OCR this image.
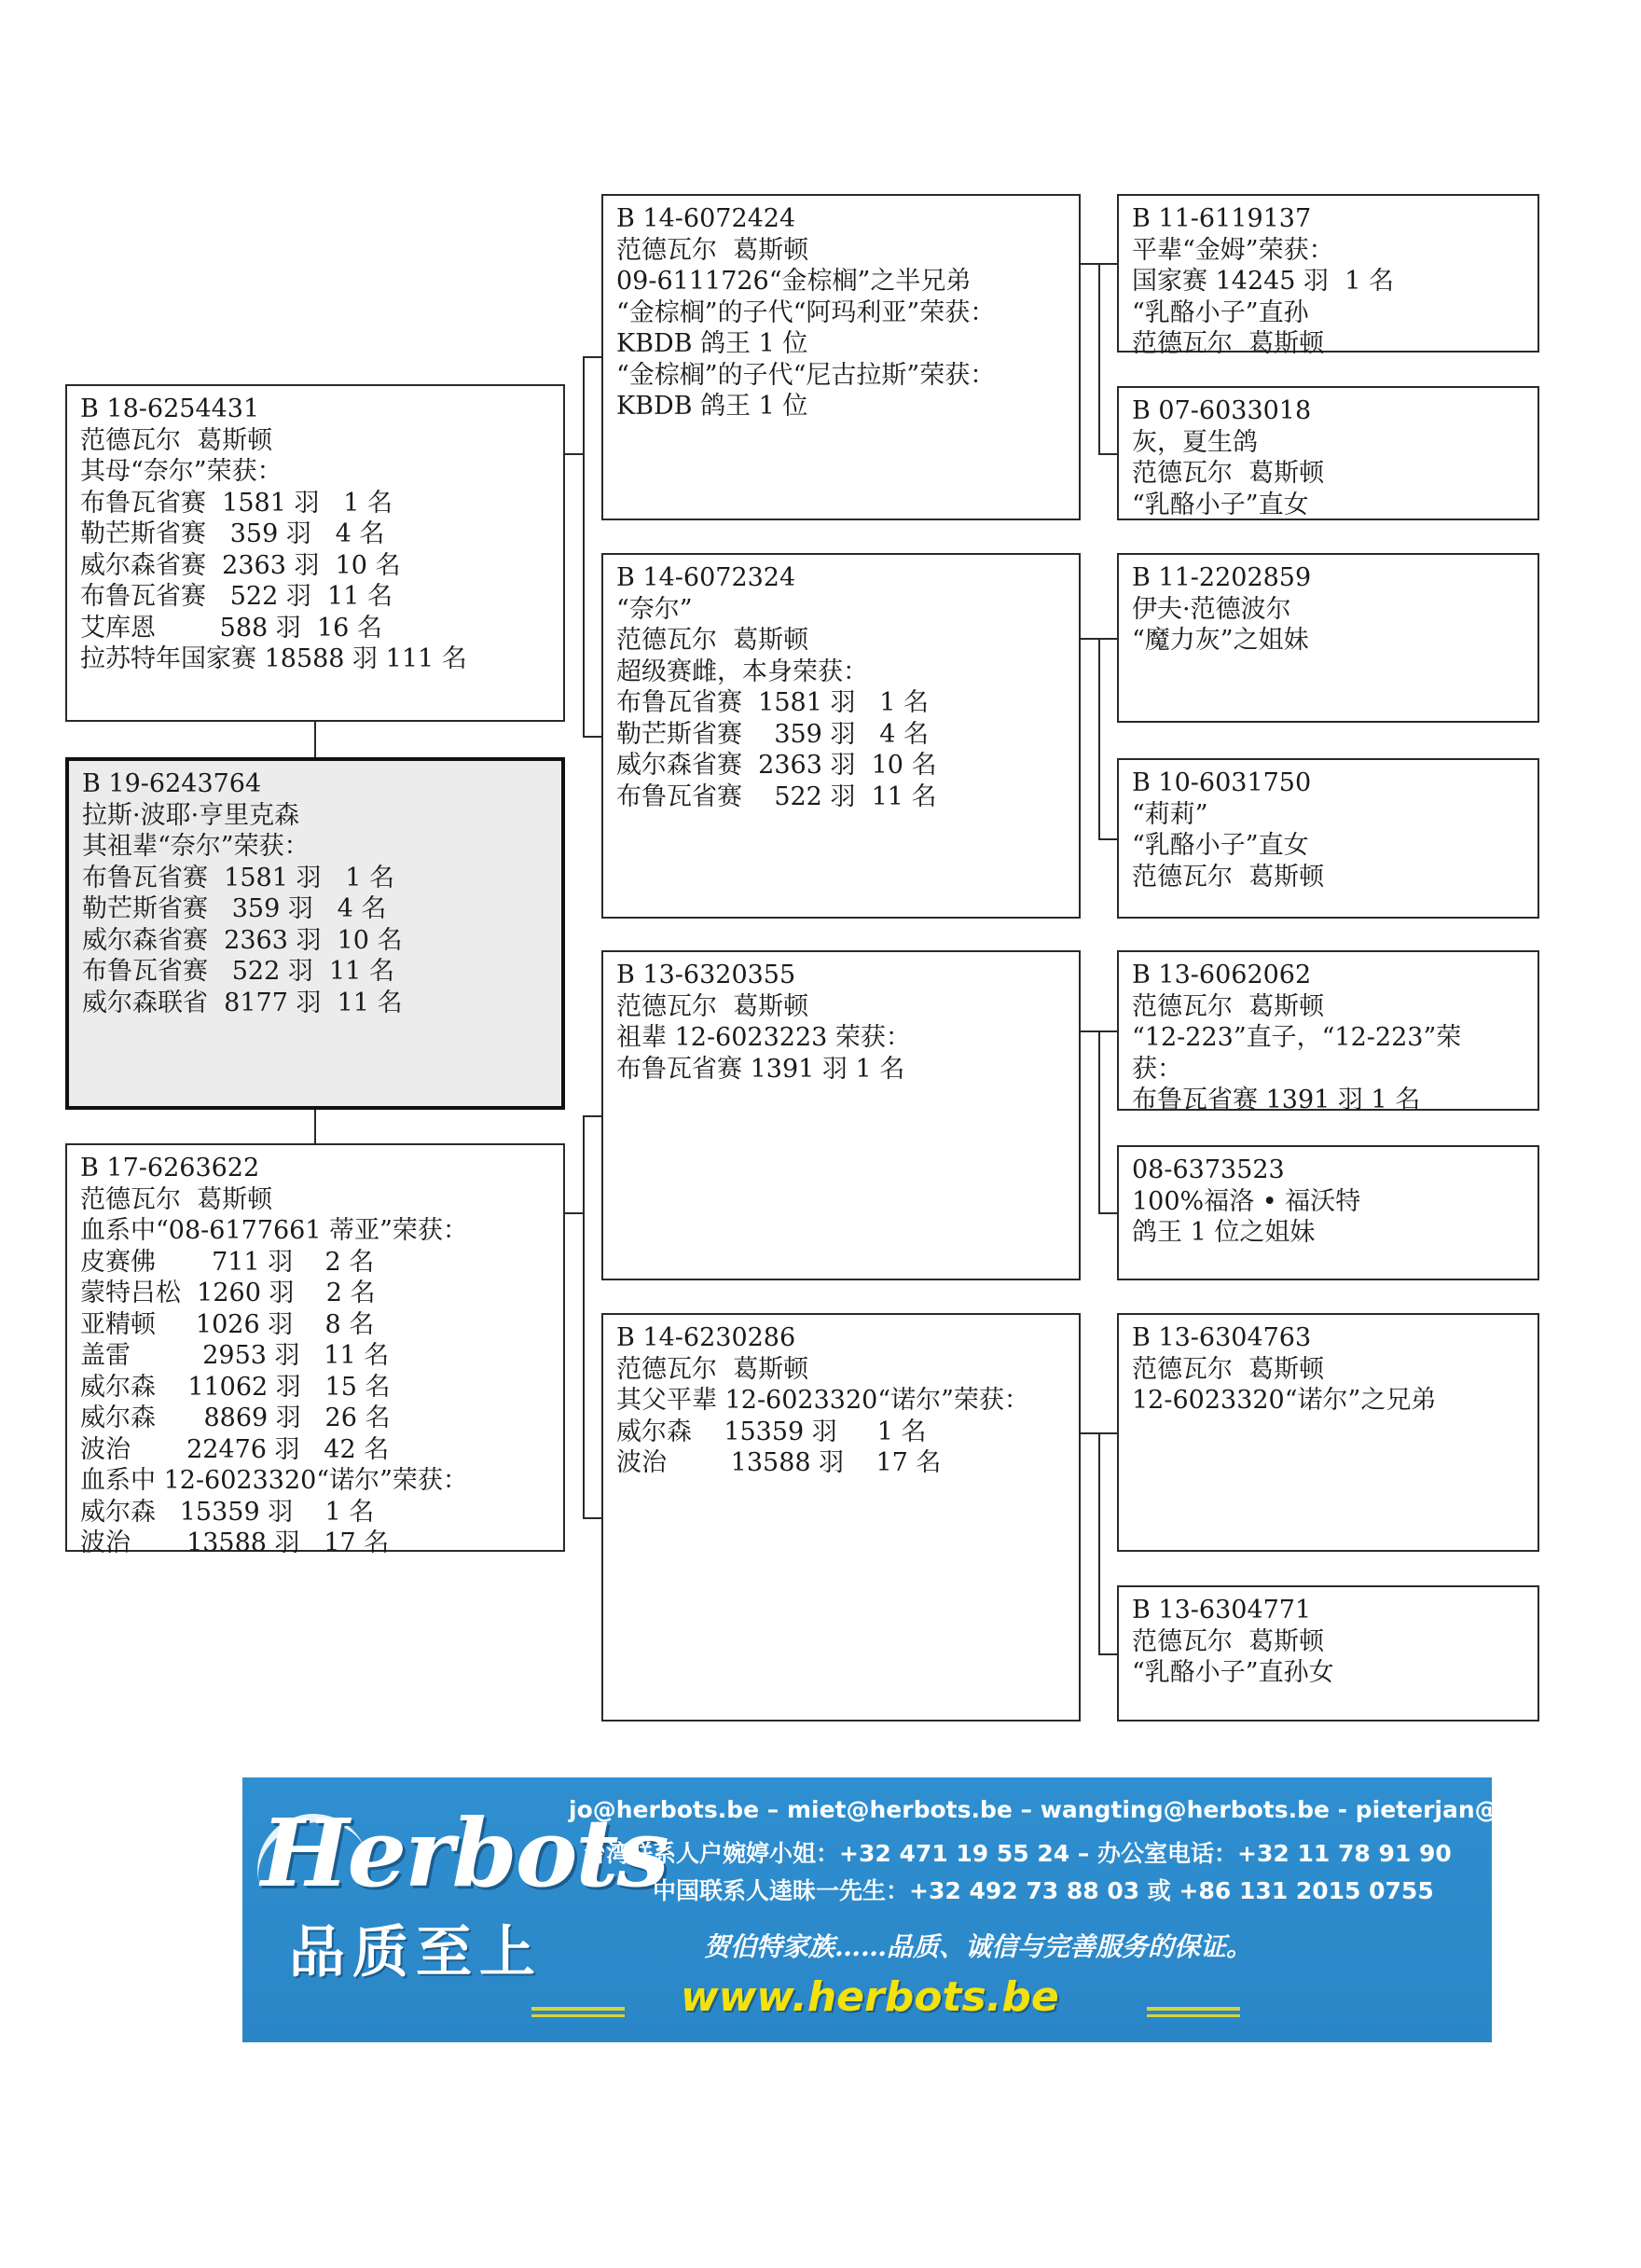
B 18-6254431
范德瓦尔  葛斯顿
其母“奈尔”荣获：
布鲁瓦省赛  1581 羽   1 名
勒芒斯省赛   359 羽   4 名
威尔森省赛  2363 羽  10 名
布鲁瓦省赛   522 羽  11 名
艾库恩        588 羽  16 名
拉苏特年国家赛 18588 羽 111 名
B 19-6243764
拉斯·波耶·亨里克森
其祖辈“奈尔”荣获：
布鲁瓦省赛  1581 羽   1 名
勒芒斯省赛   359 羽   4 名
威尔森省赛  2363 羽  10 名
布鲁瓦省赛   522 羽  11 名
威尔森联省  8177 羽  11 名
B 17-6263622
范德瓦尔  葛斯顿
血系中“08-6177661 蒂亚”荣获：
皮赛佛       711 羽    2 名
蒙特吕松  1260 羽    2 名
亚精顿     1026 羽    8 名
盖雷         2953 羽   11 名
威尔森    11062 羽   15 名
威尔森      8869 羽   26 名
波治       22476 羽   42 名
血系中 12-6023320“诺尔”荣获：
威尔森   15359 羽    1 名
波治       13588 羽   17 名
B 14-6072424
范德瓦尔  葛斯顿
09-6111726“金棕榈”之半兄弟
“金棕榈”的子代“阿玛利亚”荣获：
KBDB 鸽王 1 位
“金棕榈”的子代“尼古拉斯”荣获：
KBDB 鸽王 1 位
B 14-6072324
“奈尔”
范德瓦尔  葛斯顿
超级赛雌，本身荣获：
布鲁瓦省赛  1581 羽   1 名
勒芒斯省赛    359 羽   4 名
威尔森省赛  2363 羽  10 名
布鲁瓦省赛    522 羽  11 名
B 13-6320355
范德瓦尔  葛斯顿
祖辈 12-6023223 荣获：
布鲁瓦省赛 1391 羽 1 名
B 14-6230286
范德瓦尔  葛斯顿
其父平辈 12-6023320“诺尔”荣获：
威尔森    15359 羽     1 名
波治        13588 羽    17 名
B 11-6119137
平辈“金姆”荣获：
国家赛 14245 羽  1 名
“乳酪小子”直孙
范德瓦尔  葛斯顿
B 07-6033018
灰，夏生鸽
范德瓦尔  葛斯顿
“乳酪小子”直女
B 11-2202859
伊夫·范德波尔
“魔力灰”之姐妹
B 10-6031750
“莉莉”
“乳酪小子”直女
范德瓦尔  葛斯顿
B 13-6062062
范德瓦尔  葛斯顿
“12-223”直子，“12-223”荣
获：
布鲁瓦省赛 1391 羽 1 名
08-6373523
100%福洛 • 福沃特
鸽王 1 位之姐妹
B 13-6304763
范德瓦尔  葛斯顿
12-6023320“诺尔”之兄弟
B 13-6304771
范德瓦尔  葛斯顿
“乳酪小子”直孙女
Herbots
品质至上
jo@herbots.be – miet@herbots.be – wangting@herbots.be - pieterjan@herbots.be
台湾联系人户婉婷小姐：+32 471 19 55 24 – 办公室电话：+32 11 78 91 90
中国联系人逵昧一先生：+32 492 73 88 03 或 +86 131 2015 0755
贺伯特家族……品质、诚信与完善服务的保证。
www.herbots.be
